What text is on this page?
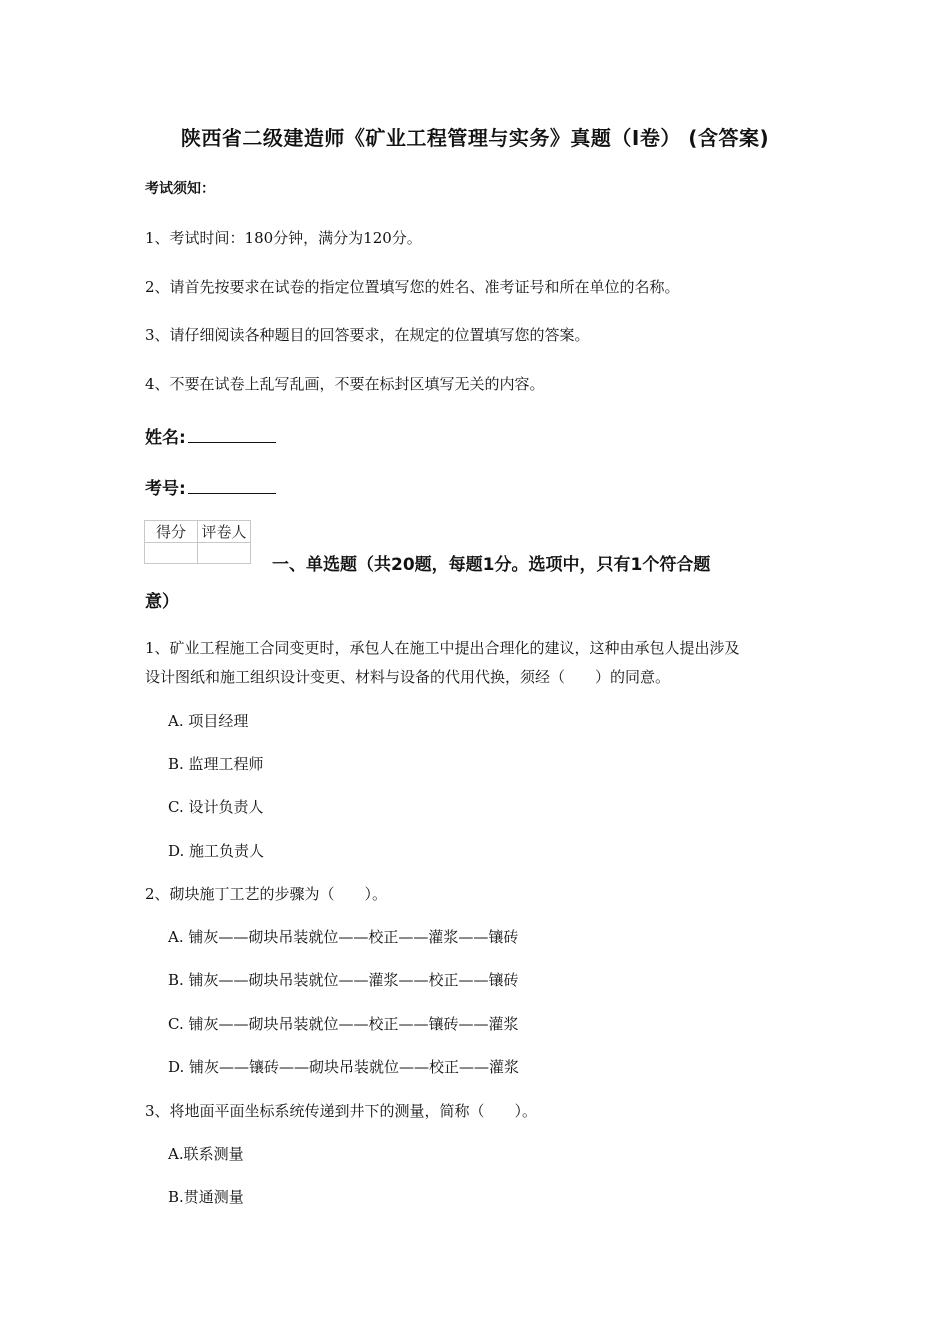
陕西省二级建造师《矿业工程管理与实务》真题（I卷） (含答案)
考试须知：
1、考试时间：180分钟，满分为120分。
2、请首先按要求在试卷的指定位置填写您的姓名、准考证号和所在单位的名称。
3、请仔细阅读各种题目的回答要求，在规定的位置填写您的答案。
4、不要在试卷上乱写乱画，不要在标封区填写无关的内容。
姓名:
考号:
得分	评卷人

一、单选题（共20题，每题1分。选项中，只有1个符合题
意）
1、矿业工程施工合同变更时，承包人在施工中提出合理化的建议，这种由承包人提出涉及
设计图纸和施工组织设计变更、材料与设备的代用代换，须经（　　）的同意。
A. 项目经理
B. 监理工程师
C. 设计负责人
D. 施工负责人
2、砌块施丁工艺的步骤为（　　）。
A. 铺灰——砌块吊装就位——校正——灌浆——镶砖
B. 铺灰——砌块吊装就位——灌浆——校正——镶砖
C. 铺灰——砌块吊装就位——校正——镶砖——灌浆
D. 铺灰——镶砖——砌块吊装就位——校正——灌浆
3、将地面平面坐标系统传递到井下的测量，简称（　　）。
A.联系测量
B.贯通测量
